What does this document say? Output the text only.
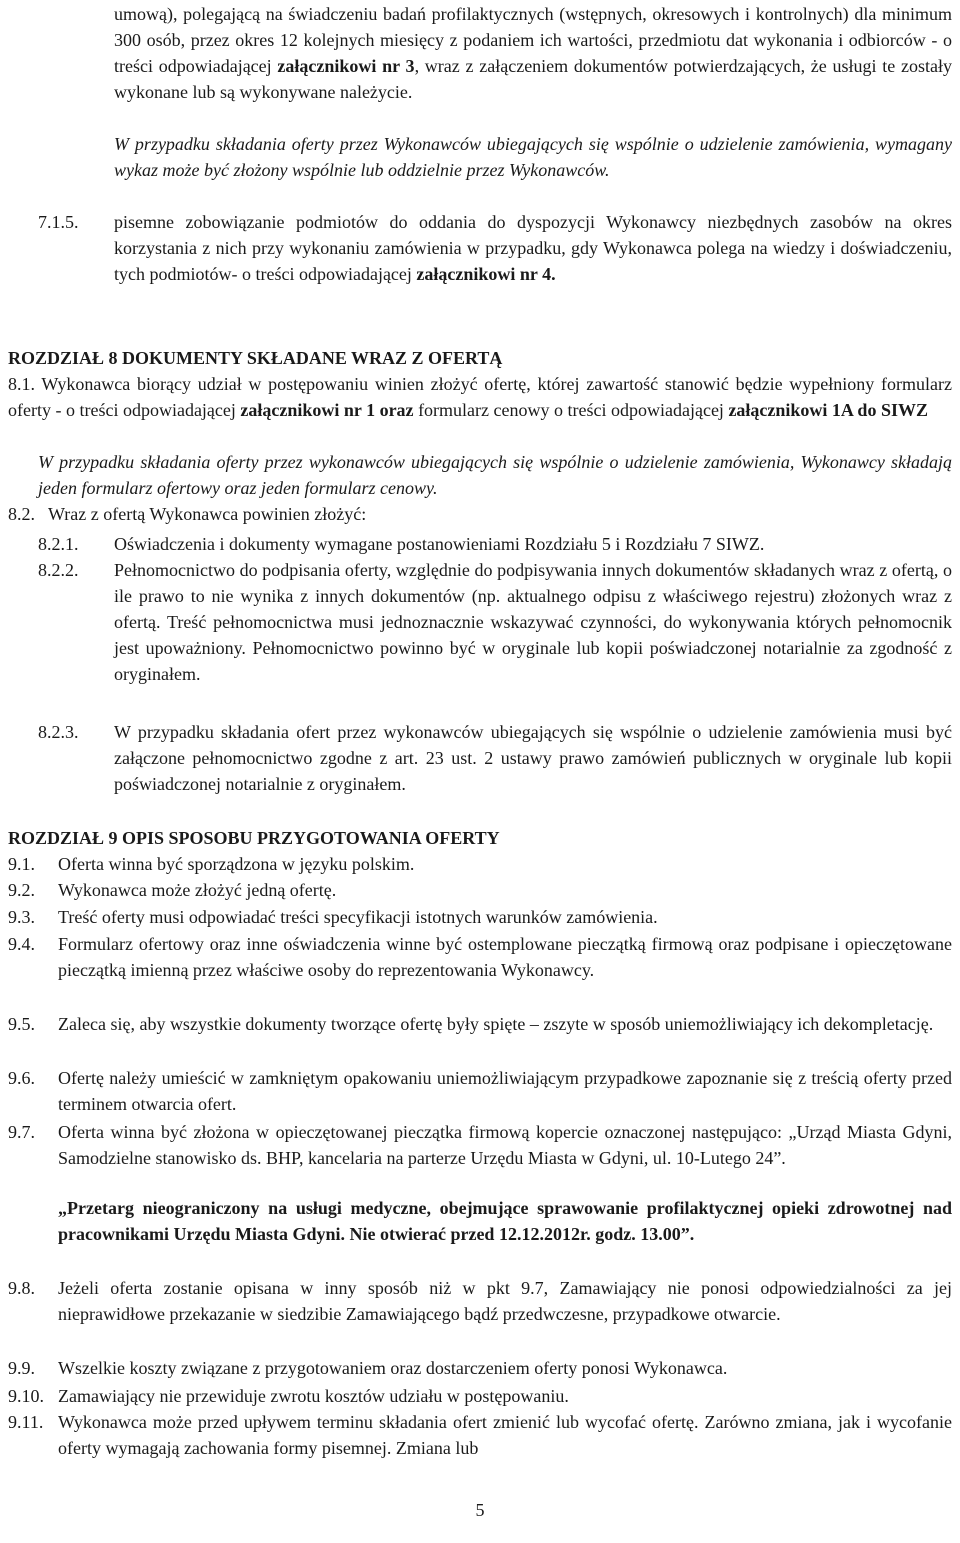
umową), polegającą na świadczeniu badań profilaktycznych (wstępnych, okresowych i kontrolnych) dla minimum 300 osób, przez okres 12 kolejnych miesięcy z podaniem ich wartości, przedmiotu dat wykonania i odbiorców - o treści odpowiadającej załącznikowi nr 3, wraz z załączeniem dokumentów potwierdzających, że usługi te zostały wykonane lub są wykonywane należycie.
W przypadku składania oferty przez Wykonawców ubiegających się wspólnie o udzielenie zamówienia, wymagany wykaz może być złożony wspólnie lub oddzielnie przez Wykonawców.
7.1.5. pisemne zobowiązanie podmiotów do oddania do dyspozycji Wykonawcy niezbędnych zasobów na okres korzystania z nich przy wykonaniu zamówienia w przypadku, gdy Wykonawca polega na wiedzy i doświadczeniu, tych podmiotów- o treści odpowiadającej załącznikowi nr 4.
ROZDZIAŁ 8 DOKUMENTY SKŁADANE WRAZ Z OFERTĄ
8.1. Wykonawca biorący udział w postępowaniu winien złożyć ofertę, której zawartość stanowić będzie wypełniony formularz oferty - o treści odpowiadającej załącznikowi nr 1 oraz formularz cenowy o treści odpowiadającej załącznikowi 1A do SIWZ
W przypadku składania oferty przez wykonawców ubiegających się wspólnie o udzielenie zamówienia, Wykonawcy składają jeden formularz ofertowy oraz jeden formularz cenowy.
8.2. Wraz z ofertą Wykonawca powinien złożyć:
8.2.1. Oświadczenia i dokumenty wymagane postanowieniami Rozdziału 5 i Rozdziału 7 SIWZ.
8.2.2. Pełnomocnictwo do podpisania oferty, względnie do podpisywania innych dokumentów składanych wraz z ofertą, o ile prawo to nie wynika z innych dokumentów (np. aktualnego odpisu z właściwego rejestru) złożonych wraz z ofertą. Treść pełnomocnictwa musi jednoznacznie wskazywać czynności, do wykonywania których pełnomocnik jest upoważniony. Pełnomocnictwo powinno być w oryginale lub kopii poświadczonej notarialnie za zgodność z oryginałem.
8.2.3. W przypadku składania ofert przez wykonawców ubiegających się wspólnie o udzielenie zamówienia musi być załączone pełnomocnictwo zgodne z art. 23 ust. 2 ustawy prawo zamówień publicznych w oryginale lub kopii poświadczonej notarialnie z oryginałem.
ROZDZIAŁ 9 OPIS SPOSOBU PRZYGOTOWANIA OFERTY
9.1. Oferta winna być sporządzona w języku polskim.
9.2. Wykonawca może złożyć jedną ofertę.
9.3. Treść oferty musi odpowiadać treści specyfikacji istotnych warunków zamówienia.
9.4. Formularz ofertowy oraz inne oświadczenia winne być ostemplowane pieczątką firmową oraz podpisane i opieczętowane pieczątką imienną przez właściwe osoby do reprezentowania Wykonawcy.
9.5. Zaleca się, aby wszystkie dokumenty tworzące ofertę były spięte – zszyte w sposób uniemożliwiający ich dekompletację.
9.6. Ofertę należy umieścić w zamkniętym opakowaniu uniemożliwiającym przypadkowe zapoznanie się z treścią oferty przed terminem otwarcia ofert.
9.7. Oferta winna być złożona w opieczętowanej pieczątka firmową kopercie oznaczonej następująco: „Urząd Miasta Gdyni, Samodzielne stanowisko ds. BHP, kancelaria na parterze Urzędu Miasta w Gdyni, ul. 10-Lutego 24”.
„Przetarg nieograniczony na usługi medyczne, obejmujące sprawowanie profilaktycznej opieki zdrowotnej nad pracownikami Urzędu Miasta Gdyni. Nie otwierać przed 12.12.2012r. godz. 13.00”.
9.8. Jeżeli oferta zostanie opisana w inny sposób niż w pkt 9.7, Zamawiający nie ponosi odpowiedzialności za jej nieprawidłowe przekazanie w siedzibie Zamawiającego bądź przedwczesne, przypadkowe otwarcie.
9.9. Wszelkie koszty związane z przygotowaniem oraz dostarczeniem oferty ponosi Wykonawca.
9.10. Zamawiający nie przewiduje zwrotu kosztów udziału w postępowaniu.
9.11. Wykonawca może przed upływem terminu składania ofert zmienić lub wycofać ofertę. Zarówno zmiana, jak i wycofanie oferty wymagają zachowania formy pisemnej. Zmiana lub
5
